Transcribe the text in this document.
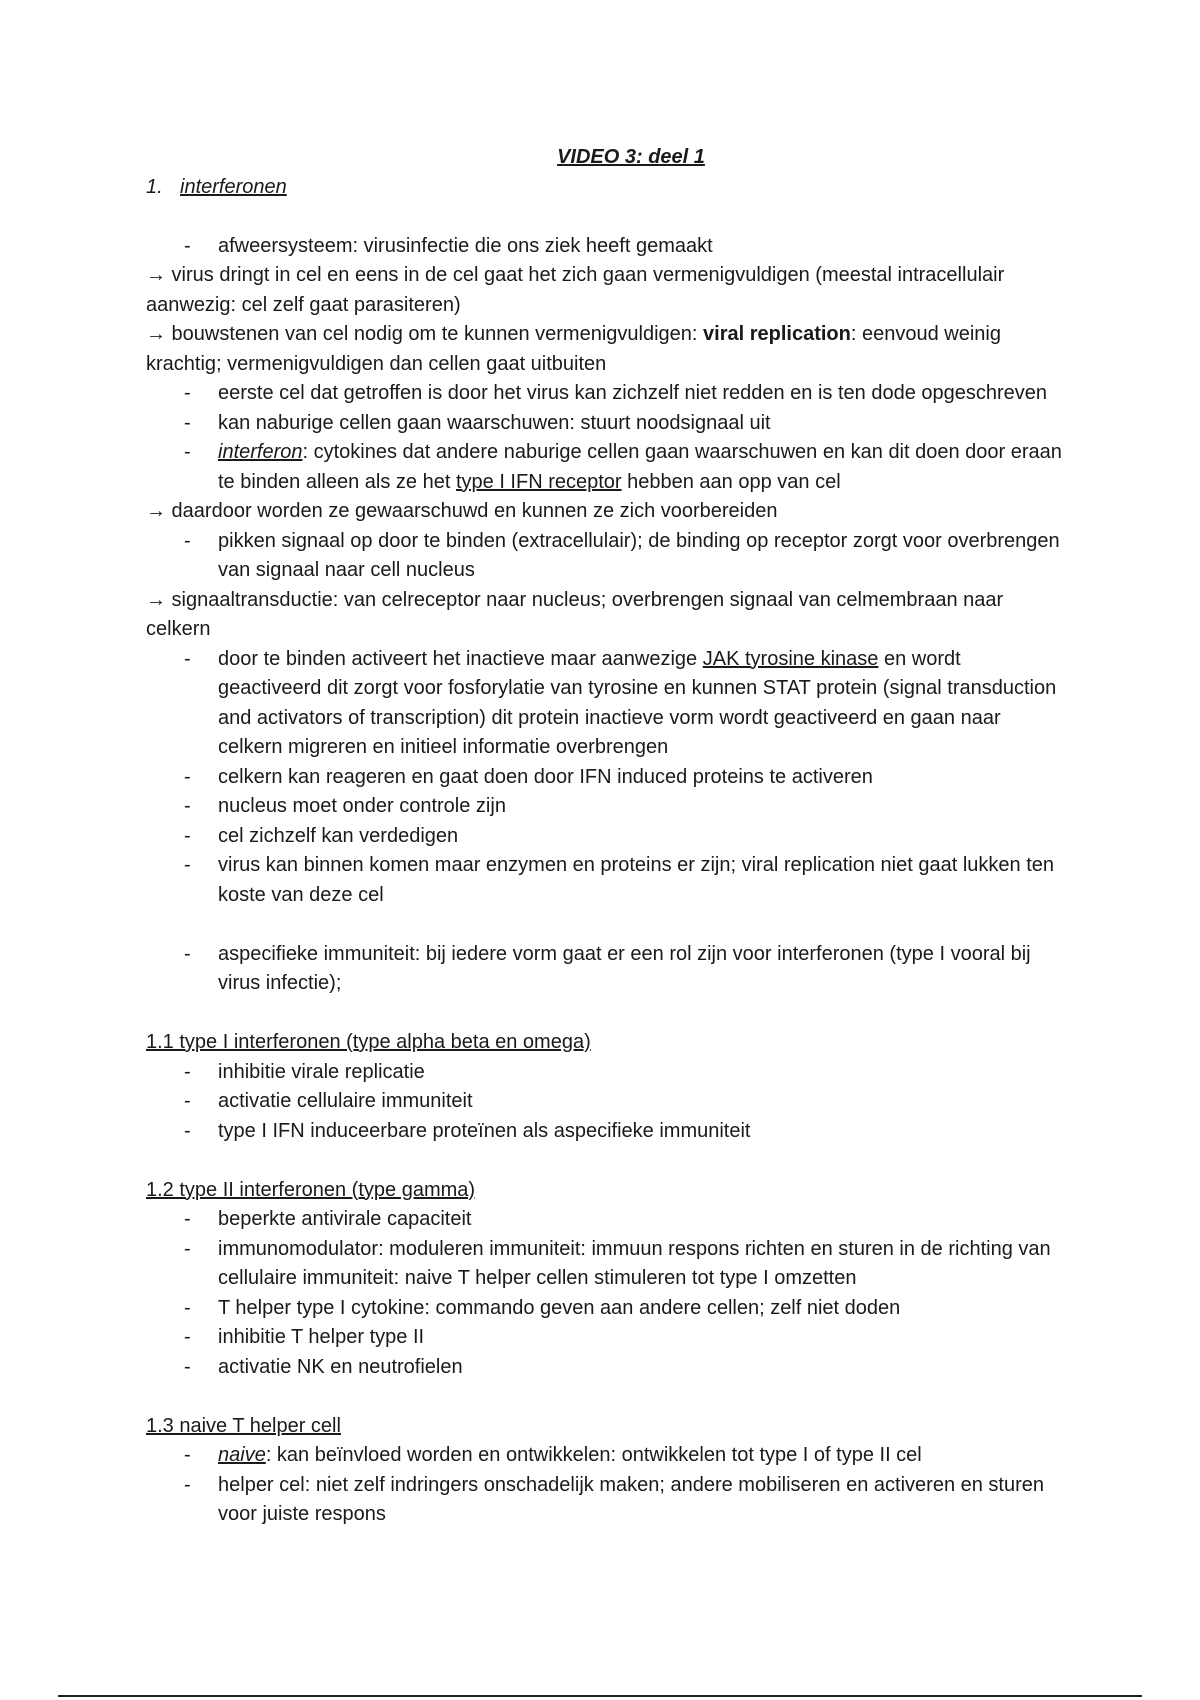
VIDEO 3: deel 1

1. interferonen

- afweersysteem: virusinfectie die ons ziek heeft gemaakt

→ virus dringt in cel en eens in de cel gaat het zich gaan vermenigvuldigen (meestal intracellulair aanwezig: cel zelf gaat parasiteren)

→ bouwstenen van cel nodig om te kunnen vermenigvuldigen: viral replication: eenvoud weinig krachtig; vermenigvuldigen dan cellen gaat uitbuiten

- eerste cel dat getroffen is door het virus kan zichzelf niet redden en is ten dode opgeschreven

- kan naburige cellen gaan waarschuwen: stuurt noodsignaal uit

- interferon: cytokines dat andere naburige cellen gaan waarschuwen en kan dit doen door eraan te binden alleen als ze het type I IFN receptor hebben aan opp van cel

→ daardoor worden ze gewaarschuwd en kunnen ze zich voorbereiden

- pikken signaal op door te binden (extracellulair); de binding op receptor zorgt voor overbrengen van signaal naar cell nucleus

→ signaaltransductie: van celreceptor naar nucleus; overbrengen signaal van celmembraan naar celkern

- door te binden activeert het inactieve maar aanwezige JAK tyrosine kinase en wordt geactiveerd dit zorgt voor fosforylatie van tyrosine en kunnen STAT protein (signal transduction and activators of transcription) dit protein inactieve vorm wordt geactiveerd en gaan naar celkern migreren en initieel informatie overbrengen

- celkern kan reageren en gaat doen door IFN induced proteins te activeren

- nucleus moet onder controle zijn

- cel zichzelf kan verdedigen

- virus kan binnen komen maar enzymen en proteins er zijn; viral replication niet gaat lukken ten koste van deze cel

- aspecifieke immuniteit: bij iedere vorm gaat er een rol zijn voor interferonen (type I vooral bij virus infectie);

1.1 type I interferonen (type alpha beta en omega)

- inhibitie virale replicatie

- activatie cellulaire immuniteit

- type I IFN induceerbare proteïnen als aspecifieke immuniteit

1.2 type II interferonen (type gamma)

- beperkte antivirale capaciteit

- immunomodulator: moduleren immuniteit: immuun respons richten en sturen in de richting van cellulaire immuniteit: naive T helper cellen stimuleren tot type I omzetten

- T helper type I cytokine: commando geven aan andere cellen; zelf niet doden

- inhibitie T helper type II

- activatie NK en neutrofielen

1.3 naive T helper cell

- naive: kan beïnvloed worden en ontwikkelen: ontwikkelen tot type I of type II cel

- helper cel: niet zelf indringers onschadelijk maken; andere mobiliseren en activeren en sturen voor juiste respons
